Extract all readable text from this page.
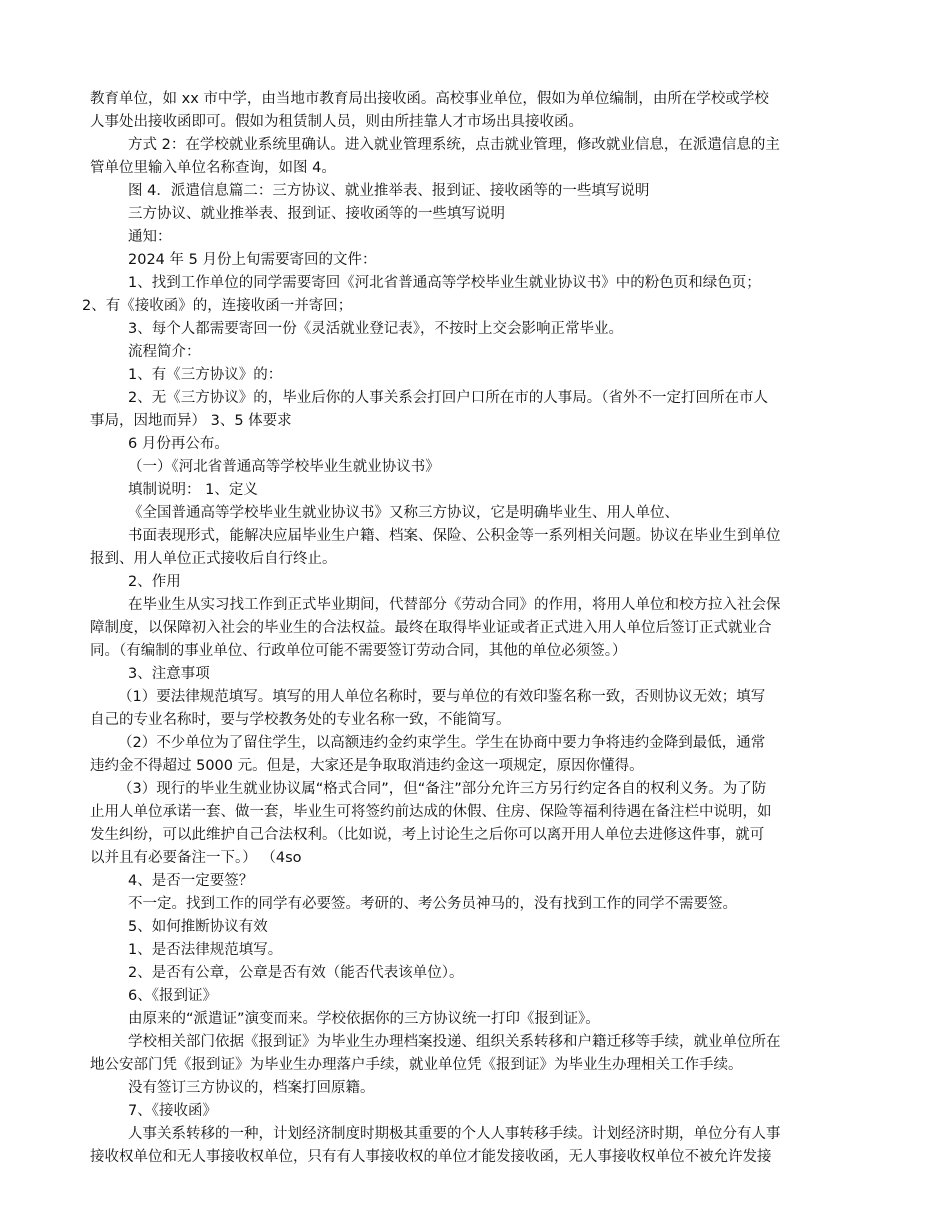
教育单位，如 xx 市中学，由当地市教育局出接收函。高校事业单位，假如为单位编制，由所在学校或学校
人事处出接收函即可。假如为租赁制人员，则由所挂靠人才市场出具接收函。
方式 2：在学校就业系统里确认。进入就业管理系统，点击就业管理，修改就业信息，在派遣信息的主
管单位里输入单位名称查询，如图 4。
图 4．派遣信息篇二：三方协议、就业推举表、报到证、接收函等的一些填写说明
三方协议、就业推举表、报到证、接收函等的一些填写说明
通知：
2024 年 5 月份上旬需要寄回的文件：
1、找到工作单位的同学需要寄回《河北省普通高等学校毕业生就业协议书》中的粉色页和绿色页；
2、有《接收函》的，连接收函一并寄回；
3、每个人都需要寄回一份《灵活就业登记表》，不按时上交会影响正常毕业。
流程简介：
1、有《三方协议》的：
2、无《三方协议》的，毕业后你的人事关系会打回户口所在市的人事局。（省外不一定打回所在市人
事局，因地而异） 3、5 体要求
6 月份再公布。
（一）《河北省普通高等学校毕业生就业协议书》
填制说明： 1、定义
《全国普通高等学校毕业生就业协议书》又称三方协议，它是明确毕业生、用人单位、
书面表现形式，能解决应届毕业生户籍、档案、保险、公积金等一系列相关问题。协议在毕业生到单位
报到、用人单位正式接收后自行终止。
2、作用
在毕业生从实习找工作到正式毕业期间，代替部分《劳动合同》的作用，将用人单位和校方拉入社会保
障制度，以保障初入社会的毕业生的合法权益。最终在取得毕业证或者正式进入用人单位后签订正式就业合
同。（有编制的事业单位、行政单位可能不需要签订劳动合同，其他的单位必须签。）
3、注意事项
（1）要法律规范填写。填写的用人单位名称时，要与单位的有效印鉴名称一致，否则协议无效；填写
自己的专业名称时，要与学校教务处的专业名称一致，不能简写。
（2）不少单位为了留住学生，以高额违约金约束学生。学生在协商中要力争将违约金降到最低，通常
违约金不得超过 5000 元。但是，大家还是争取取消违约金这一项规定，原因你懂得。
（3）现行的毕业生就业协议属“格式合同”，但“备注”部分允许三方另行约定各自的权利义务。为了防
止用人单位承诺一套、做一套，毕业生可将签约前达成的休假、住房、保险等福利待遇在备注栏中说明，如
发生纠纷，可以此维护自己合法权利。（比如说，考上讨论生之后你可以离开用人单位去进修这件事，就可
以并且有必要备注一下。） （4so
4、是否一定要签？
不一定。找到工作的同学有必要签。考研的、考公务员神马的，没有找到工作的同学不需要签。
5、如何推断协议有效
1、是否法律规范填写。
2、是否有公章，公章是否有效（能否代表该单位）。
6、《报到证》
由原来的“派遣证”演变而来。学校依据你的三方协议统一打印《报到证》。
学校相关部门依据《报到证》为毕业生办理档案投递、组织关系转移和户籍迁移等手续，就业单位所在
地公安部门凭《报到证》为毕业生办理落户手续，就业单位凭《报到证》为毕业生办理相关工作手续。
没有签订三方协议的，档案打回原籍。
7、《接收函》
人事关系转移的一种，计划经济制度时期极其重要的个人人事转移手续。计划经济时期，单位分有人事
接收权单位和无人事接收权单位，只有有人事接收权的单位才能发接收函，无人事接收权单位不被允许发接
